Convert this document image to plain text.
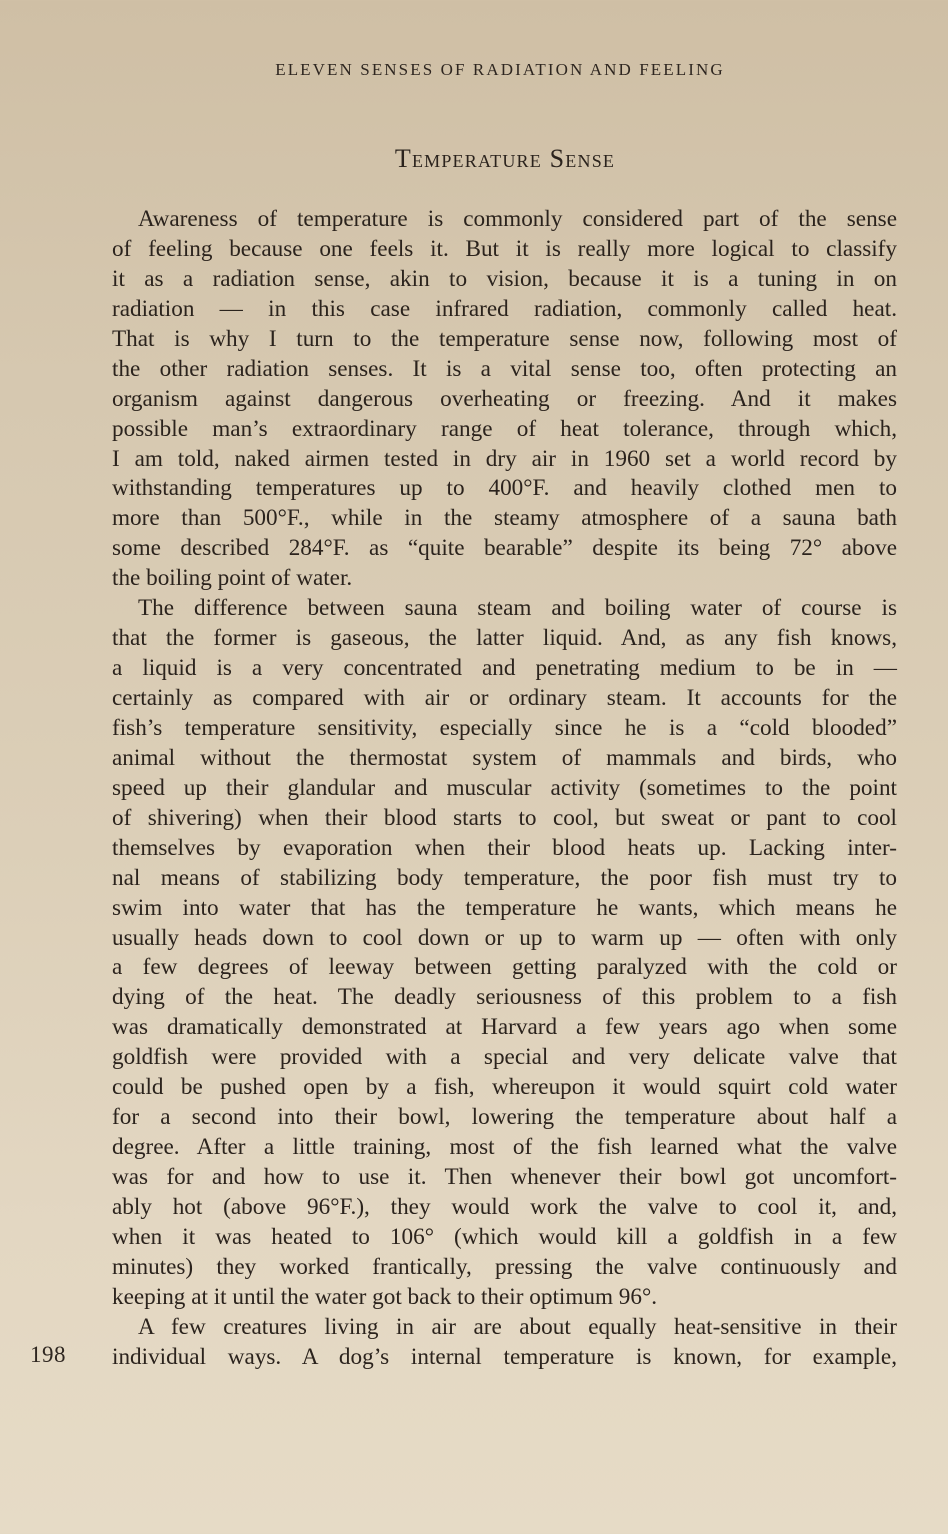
ELEVEN SENSES OF RADIATION AND FEELING
Temperature Sense
Awareness of temperature is commonly considered part of the sense
of feeling because one feels it. But it is really more logical to classify
it as a radiation sense, akin to vision, because it is a tuning in on
radiation — in this case infrared radiation, commonly called heat.
That is why I turn to the temperature sense now, following most of
the other radiation senses. It is a vital sense too, often protecting an
organism against dangerous overheating or freezing. And it makes
possible man’s extraordinary range of heat tolerance, through which,
I am told, naked airmen tested in dry air in 1960 set a world record by
withstanding temperatures up to 400°F. and heavily clothed men to
more than 500°F., while in the steamy atmosphere of a sauna bath
some described 284°F. as “quite bearable” despite its being 72° above
the boiling point of water.
The difference between sauna steam and boiling water of course is
that the former is gaseous, the latter liquid. And, as any fish knows,
a liquid is a very concentrated and penetrating medium to be in —
certainly as compared with air or ordinary steam. It accounts for the
fish’s temperature sensitivity, especially since he is a “cold blooded”
animal without the thermostat system of mammals and birds, who
speed up their glandular and muscular activity (sometimes to the point
of shivering) when their blood starts to cool, but sweat or pant to cool
themselves by evaporation when their blood heats up. Lacking inter-
nal means of stabilizing body temperature, the poor fish must try to
swim into water that has the temperature he wants, which means he
usually heads down to cool down or up to warm up — often with only
a few degrees of leeway between getting paralyzed with the cold or
dying of the heat. The deadly seriousness of this problem to a fish
was dramatically demonstrated at Harvard a few years ago when some
goldfish were provided with a special and very delicate valve that
could be pushed open by a fish, whereupon it would squirt cold water
for a second into their bowl, lowering the temperature about half a
degree. After a little training, most of the fish learned what the valve
was for and how to use it. Then whenever their bowl got uncomfort-
ably hot (above 96°F.), they would work the valve to cool it, and,
when it was heated to 106° (which would kill a goldfish in a few
minutes) they worked frantically, pressing the valve continuously and
keeping at it until the water got back to their optimum 96°.
A few creatures living in air are about equally heat-sensitive in their
individual ways. A dog’s internal temperature is known, for example,
198
